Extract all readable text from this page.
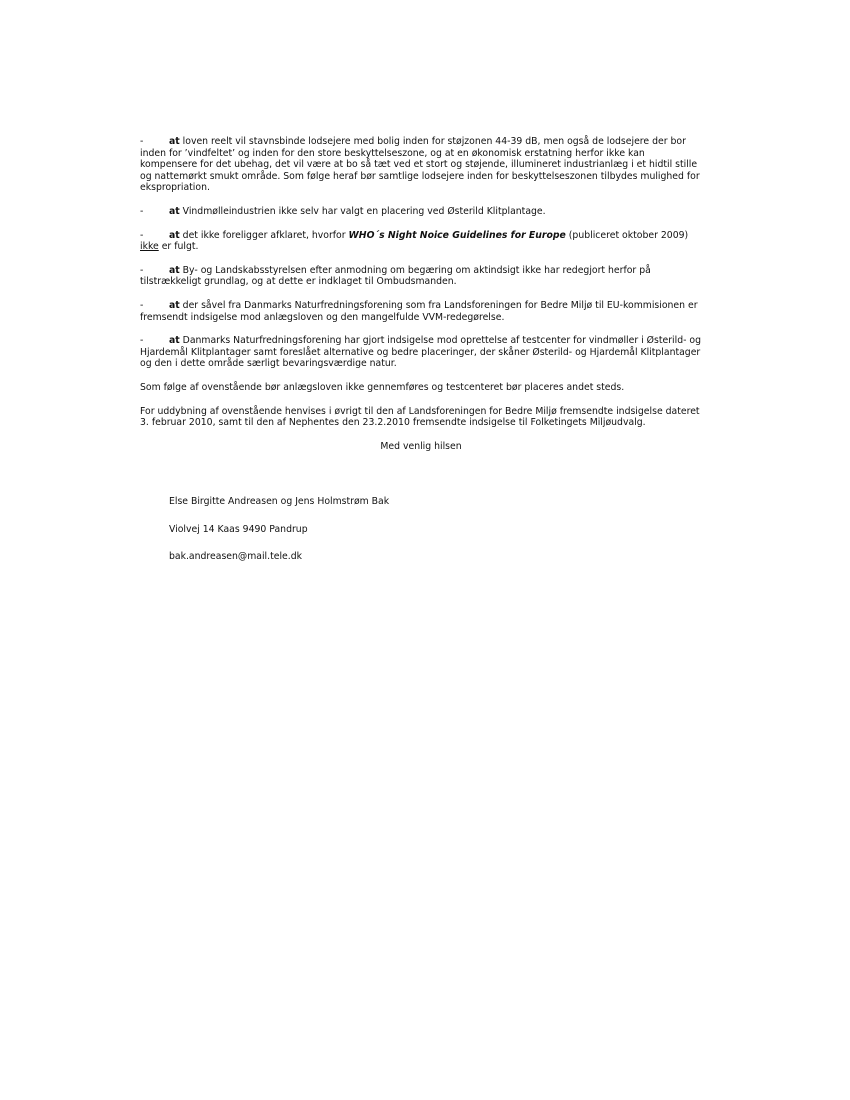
-	at loven reelt vil stavnsbinde lodsejere med bolig inden for støjzonen 44-39 dB, men også de lodsejere der bor inden for ’vindfeltet’ og inden for den store beskyttelseszone, og at en økonomisk erstatning herfor ikke kan kompensere for det ubehag, det vil være at bo så tæt ved et stort og støjende, illumineret industrianlæg i et hidtil stille og nattemørkt smukt område. Som følge heraf bør samtlige lodsejere inden for beskyttelseszonen tilbydes mulighed for ekspropriation.

-	at Vindmølleindustrien ikke selv har valgt en placering ved Østerild Klitplantage.

-	at det ikke foreligger afklaret, hvorfor WHO´s Night Noice Guidelines for Europe (publiceret oktober 2009) ikke er fulgt.

-	at By- og Landskabsstyrelsen efter anmodning om begæring om aktindsigt ikke har redegjort herfor på tilstrækkeligt grundlag, og at dette er indklaget til Ombudsmanden.

-	at der såvel fra Danmarks Naturfredningsforening som fra Landsforeningen for Bedre Miljø til EU-kommisionen er fremsendt indsigelse mod anlægsloven og den mangelfulde VVM-redegørelse.

-	at Danmarks Naturfredningsforening har gjort indsigelse mod oprettelse af testcenter for vindmøller i Østerild- og Hjardemål Klitplantager samt foreslået alternative og bedre placeringer, der skåner Østerild- og Hjardemål Klitplantager og den i dette område særligt bevaringsværdige natur.

Som følge af ovenstående bør anlægsloven ikke gennemføres og testcenteret bør placeres andet steds.

For uddybning af ovenstående henvises i øvrigt til den af Landsforeningen for Bedre Miljø fremsendte indsigelse dateret 3. februar 2010, samt til den af Nephentes den 23.2.2010 fremsendte indsigelse til Folketingets Miljøudvalg.

Med venlig hilsen

Else Birgitte Andreasen og Jens Holmstrøm Bak
Violvej 14 Kaas 9490 Pandrup
bak.andreasen@mail.tele.dk
